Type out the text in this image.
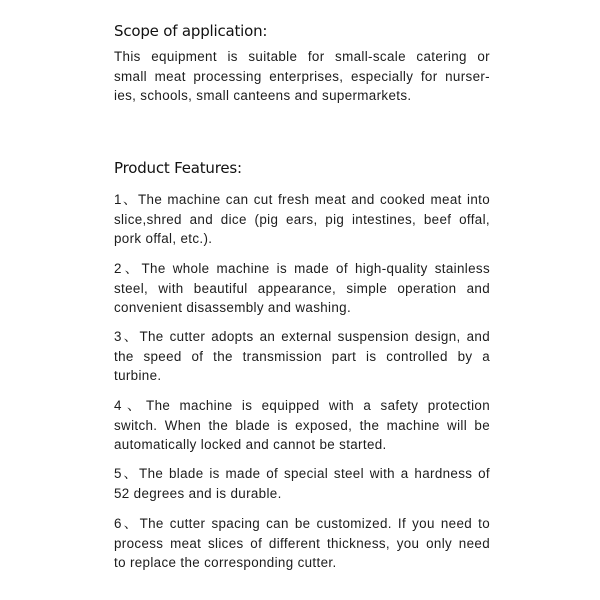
Scope of application:
This equipment is suitable for small-scale catering or
small meat processing enterprises, especially for nurser-
ies, schools, small canteens and supermarkets.
Product Features:
1、The machine can cut fresh meat and cooked meat into
slice,shred and dice (pig ears, pig intestines, beef offal,
pork offal, etc.).
2、The whole machine is made of high-quality stainless
steel, with beautiful appearance, simple operation and
convenient disassembly and washing.
3、The cutter adopts an external suspension design, and
the speed of the transmission part is controlled by a
turbine.
4、The machine is equipped with a safety protection
switch. When the blade is exposed, the machine will be
automatically locked and cannot be started.
5、The blade is made of special steel with a hardness of
52 degrees and is durable.
6、The cutter spacing can be customized. If you need to
process meat slices of different thickness, you only need
to replace the corresponding cutter.
